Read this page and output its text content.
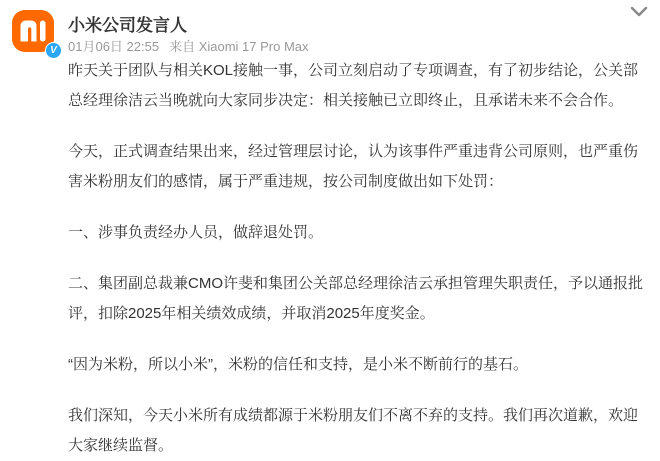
V
小米公司发言人
01月06日 22:55 来自 Xiaomi 17 Pro Max

昨天关于团队与相关KOL接触一事，公司立刻启动了专项调查，有了初步结论，公关部总经理徐洁云当晚就向大家同步决定：相关接触已立即终止，且承诺未来不会合作。

今天，正式调查结果出来，经过管理层讨论，认为该事件严重违背公司原则，也严重伤害米粉朋友们的感情，属于严重违规，按公司制度做出如下处罚：

一、涉事负责经办人员，做辞退处罚。

二、集团副总裁兼CMO许斐和集团公关部总经理徐洁云承担管理失职责任，予以通报批评，扣除2025年相关绩效成绩，并取消2025年度奖金。

“因为米粉，所以小米”，米粉的信任和支持，是小米不断前行的基石。

我们深知，今天小米所有成绩都源于米粉朋友们不离不弃的支持。我们再次道歉，欢迎大家继续监督。
